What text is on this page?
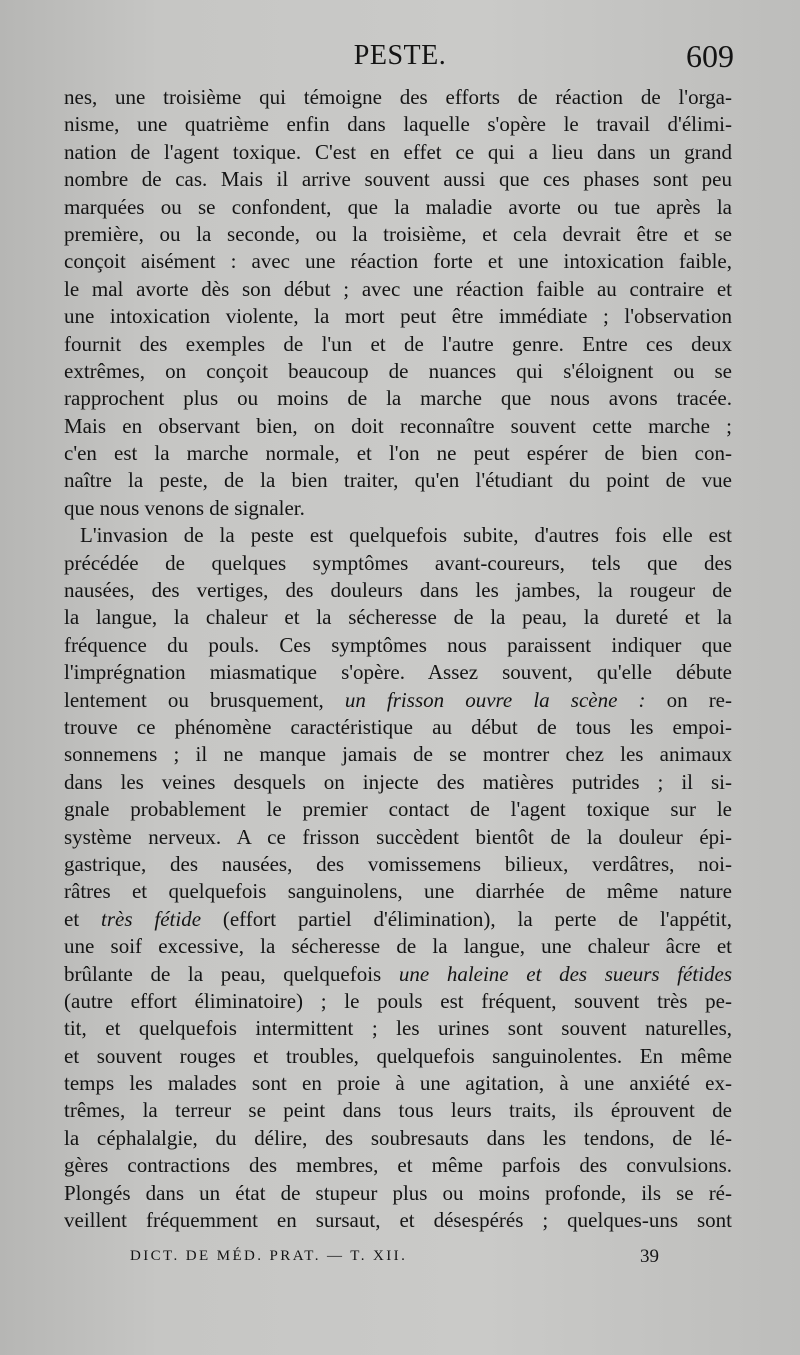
PESTE.	609
nes, une troisième qui témoigne des efforts de réaction de l'orga-
nisme, une quatrième enfin dans laquelle s'opère le travail d'élimi-
nation de l'agent toxique. C'est en effet ce qui a lieu dans un grand
nombre de cas. Mais il arrive souvent aussi que ces phases sont peu
marquées ou se confondent, que la maladie avorte ou tue après la
première, ou la seconde, ou la troisième, et cela devrait être et se
conçoit aisément : avec une réaction forte et une intoxication faible,
le mal avorte dès son début ; avec une réaction faible au contraire et
une intoxication violente, la mort peut être immédiate ; l'observation
fournit des exemples de l'un et de l'autre genre. Entre ces deux
extrêmes, on conçoit beaucoup de nuances qui s'éloignent ou se
rapprochent plus ou moins de la marche que nous avons tracée.
Mais en observant bien, on doit reconnaître souvent cette marche ;
c'en est la marche normale, et l'on ne peut espérer de bien con-
naître la peste, de la bien traiter, qu'en l'étudiant du point de vue
que nous venons de signaler.
L'invasion de la peste est quelquefois subite, d'autres fois elle est
précédée de quelques symptômes avant-coureurs, tels que des
nausées, des vertiges, des douleurs dans les jambes, la rougeur de
la langue, la chaleur et la sécheresse de la peau, la dureté et la
fréquence du pouls. Ces symptômes nous paraissent indiquer que
l'imprégnation miasmatique s'opère. Assez souvent, qu'elle débute
lentement ou brusquement, un frisson ouvre la scène : on re-
trouve ce phénomène caractéristique au début de tous les empoi-
sonnemens ; il ne manque jamais de se montrer chez les animaux
dans les veines desquels on injecte des matières putrides ; il si-
gnale probablement le premier contact de l'agent toxique sur le
système nerveux. A ce frisson succèdent bientôt de la douleur épi-
gastrique, des nausées, des vomissemens bilieux, verdâtres, noi-
râtres et quelquefois sanguinolens, une diarrhée de même nature
et très fétide (effort partiel d'élimination), la perte de l'appétit,
une soif excessive, la sécheresse de la langue, une chaleur âcre et
brûlante de la peau, quelquefois une haleine et des sueurs fétides
(autre effort éliminatoire) ; le pouls est fréquent, souvent très pe-
tit, et quelquefois intermittent ; les urines sont souvent naturelles,
et souvent rouges et troubles, quelquefois sanguinolentes. En même
temps les malades sont en proie à une agitation, à une anxiété ex-
trêmes, la terreur se peint dans tous leurs traits, ils éprouvent de
la céphalalgie, du délire, des soubresauts dans les tendons, de lé-
gères contractions des membres, et même parfois des convulsions.
Plongés dans un état de stupeur plus ou moins profonde, ils se ré-
veillent fréquemment en sursaut, et désespérés ; quelques-uns sont
DICT. DE MÉD. PRAT. — T. XII.	39
